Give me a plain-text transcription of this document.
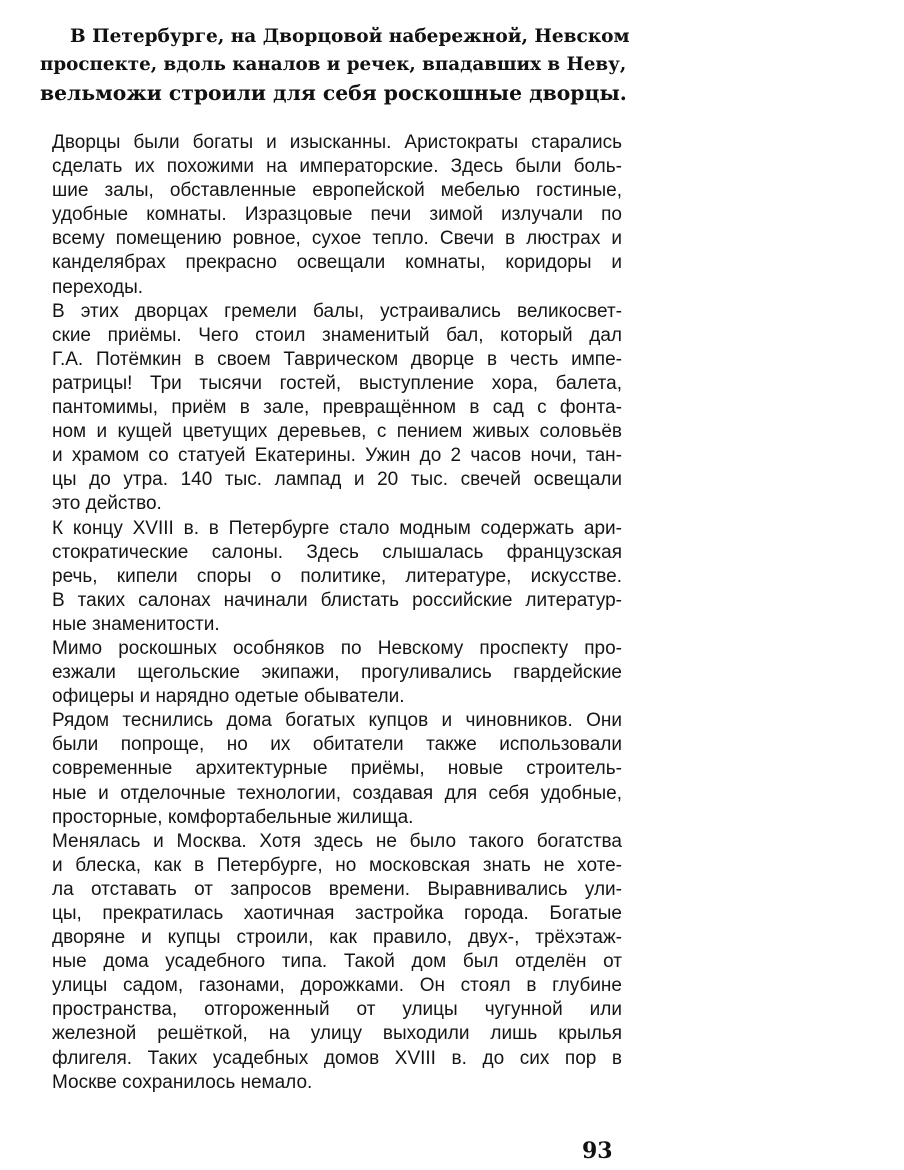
В Петербурге, на Дворцовой набережной, Невском
проспекте, вдоль каналов и речек, впадавших в Неву,
вельможи строили для себя роскошные дворцы.

Дворцы были богаты и изысканны. Аристократы старались
сделать их похожими на императорские. Здесь были боль-
шие залы, обставленные европейской мебелью гостиные,
удобные комнаты. Изразцовые печи зимой излучали по
всему помещению ровное, сухое тепло. Свечи в люстрах и
канделябрах прекрасно освещали комнаты, коридоры и
переходы.

В этих дворцах гремели балы, устраивались великосвет-
ские приёмы. Чего стоил знаменитый бал, который дал
Г.А. Потёмкин в своем Таврическом дворце в честь импе-
ратрицы! Три тысячи гостей, выступление хора, балета,
пантомимы, приём в зале, превращённом в сад с фонта-
ном и кущей цветущих деревьев, с пением живых соловьёв
и храмом со статуей Екатерины. Ужин до 2 часов ночи, тан-
цы до утра. 140 тыс. лампад и 20 тыс. свечей освещали
это действо.

К концу XVIII в. в Петербурге стало модным содержать ари-
стократические салоны. Здесь слышалась французская
речь, кипели споры о политике, литературе, искусстве.
В таких салонах начинали блистать российские литератур-
ные знаменитости.

Мимо роскошных особняков по Невскому проспекту про-
езжали щегольские экипажи, прогуливались гвардейские
офицеры и нарядно одетые обыватели.

Рядом теснились дома богатых купцов и чиновников. Они
были попроще, но их обитатели также использовали
современные архитектурные приёмы, новые строитель-
ные и отделочные технологии, создавая для себя удобные,
просторные, комфортабельные жилища.

Менялась и Москва. Хотя здесь не было такого богатства
и блеска, как в Петербурге, но московская знать не хоте-
ла отставать от запросов времени. Выравнивались ули-
цы, прекратилась хаотичная застройка города. Богатые
дворяне и купцы строили, как правило, двух-, трёхэтаж-
ные дома усадебного типа. Такой дом был отделён от
улицы садом, газонами, дорожками. Он стоял в глубине
пространства, отгороженный от улицы чугунной или
железной решёткой, на улицу выходили лишь крылья
флигеля. Таких усадебных домов XVIII в. до сих пор в
Москве сохранилось немало.

93
